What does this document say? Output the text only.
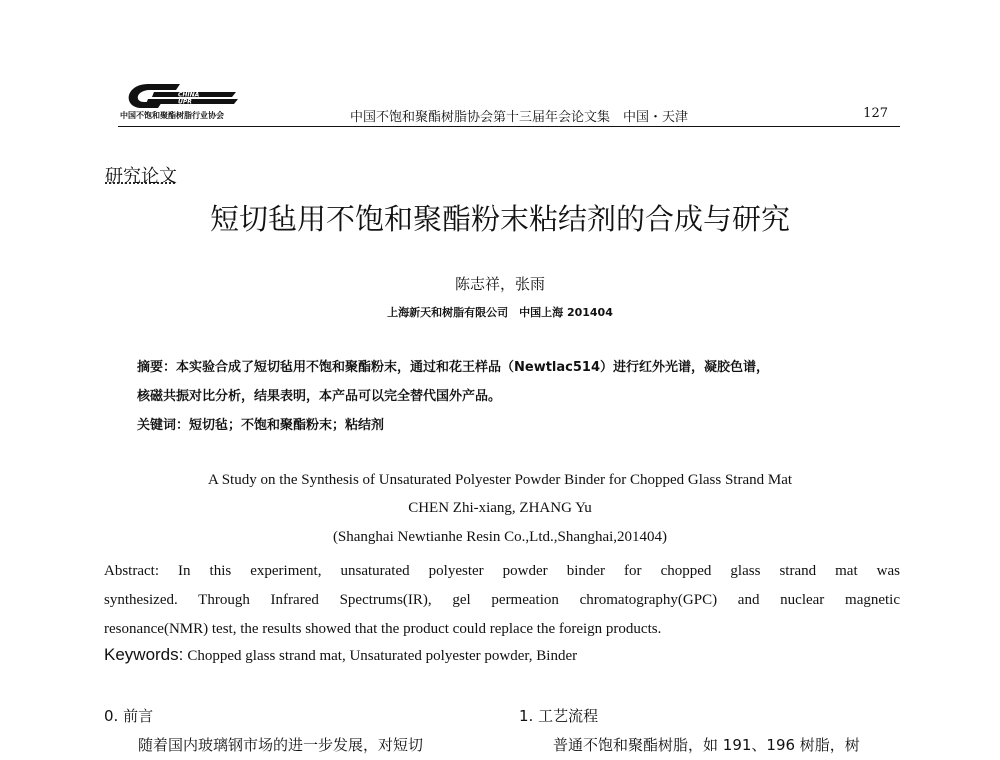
CHINA
UPR
中国不饱和聚酯树脂行业协会	中国不饱和聚酯树脂协会第十三届年会论文集　中国・天津	127
研究论文
短切毡用不饱和聚酯粉末粘结剂的合成与研究
陈志祥，张雨
上海新天和树脂有限公司　中国上海 201404
摘要：本实验合成了短切毡用不饱和聚酯粉末，通过和花王样品（Newtlac514）进行红外光谱，凝胶色谱，
核磁共振对比分析，结果表明，本产品可以完全替代国外产品。
关键词：短切毡；不饱和聚酯粉末；粘结剂
A Study on the Synthesis of Unsaturated Polyester Powder Binder for Chopped Glass Strand Mat
CHEN Zhi-xiang, ZHANG Yu
(Shanghai Newtianhe Resin Co.,Ltd.,Shanghai,201404)
Abstract: In this experiment, unsaturated polyester powder binder for chopped glass strand mat was
synthesized. Through Infrared Spectrums(IR), gel permeation chromatography(GPC) and nuclear magnetic
resonance(NMR) test, the results showed that the product could replace the foreign products.
Keywords: Chopped glass strand mat, Unsaturated polyester powder, Binder
0. 前言
随着国内玻璃钢市场的进一步发展，对短切
1. 工艺流程
普通不饱和聚酯树脂，如 191、196 树脂，树
